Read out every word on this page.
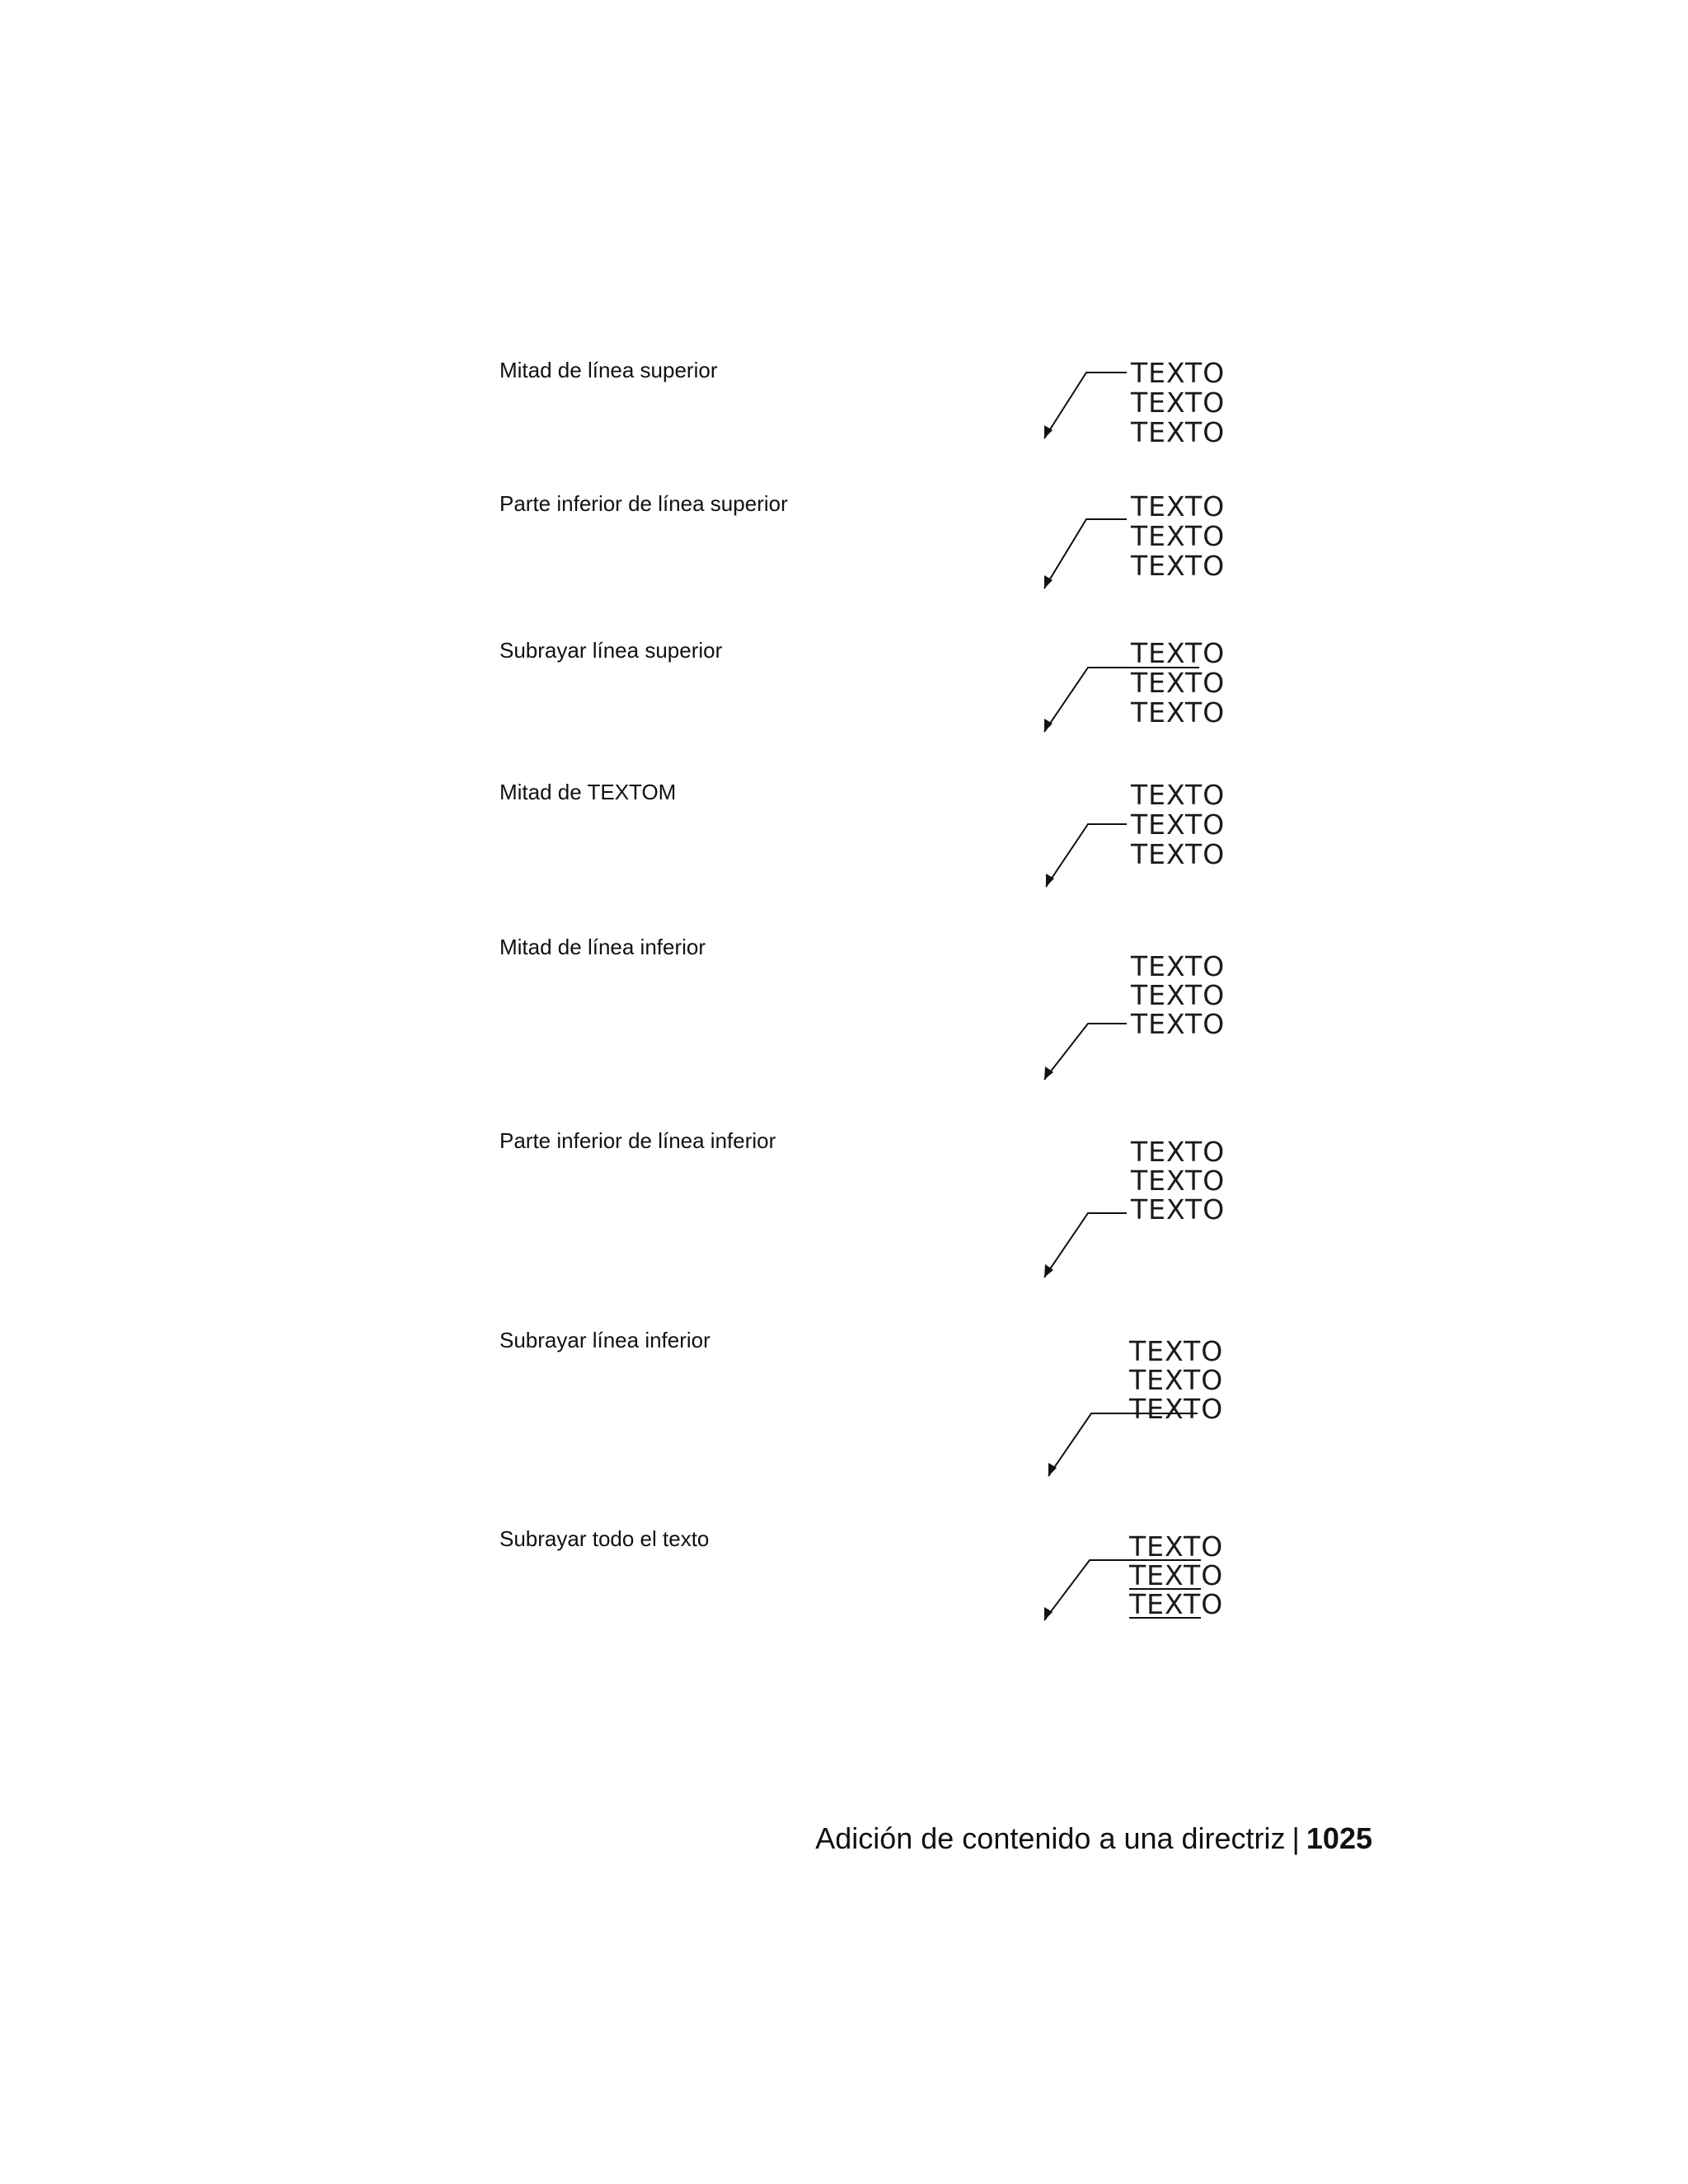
Mitad de línea superior	TEXTO
TEXTO
TEXTO
Parte inferior de línea superior	TEXTO
TEXTO
TEXTO
Subrayar línea superior	TEXTO
TEXTO
TEXTO
Mitad de TEXTOM	TEXTO
TEXTO
TEXTO
Mitad de línea inferior
TEXTO
TEXTO
TEXTO
Parte inferior de línea inferior	TEXTO
TEXTO
TEXTO
Subrayar línea inferior	TEXTO
TEXTO
TEXTO
Subrayar todo el texto	TEXTO
TEXTO
TEXTO
Adición de contenido a una directriz | 1025
